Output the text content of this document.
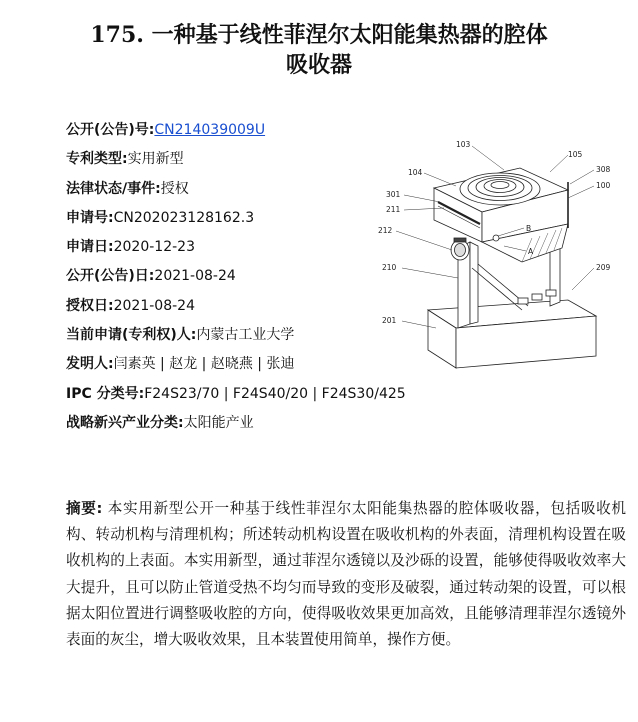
175. 一种基于线性菲涅尔太阳能集热器的腔体
吸收器
公开(公告)号:CN214039009U
专利类型:实用新型
法律状态/事件:授权
申请号:CN202023128162.3
申请日:2020-12-23
公开(公告)日:2021-08-24
授权日:2021-08-24
当前申请(专利权)人:内蒙古工业大学
发明人:闫素英 | 赵龙 | 赵晓燕 | 张迪
IPC 分类号:F24S23/70 | F24S40/20 | F24S30/425
战略新兴产业分类:太阳能产业
103
105
104	308
100
301
211
B
212
A
210	209
201
摘要: 本实用新型公开一种基于线性菲涅尔太阳能集热器的腔体吸收器，包括吸收机构、转动机构与清理机构；所述转动机构设置在吸收机构的外表面，清理机构设置在吸收机构的上表面。本实用新型，通过菲涅尔透镜以及沙砾的设置，能够使得吸收效率大大提升，且可以防止管道受热不均匀而导致的变形及破裂，通过转动架的设置，可以根据太阳位置进行调整吸收腔的方向，使得吸收效果更加高效，且能够清理菲涅尔透镜外表面的灰尘，增大吸收效果，且本装置使用简单，操作方便。
